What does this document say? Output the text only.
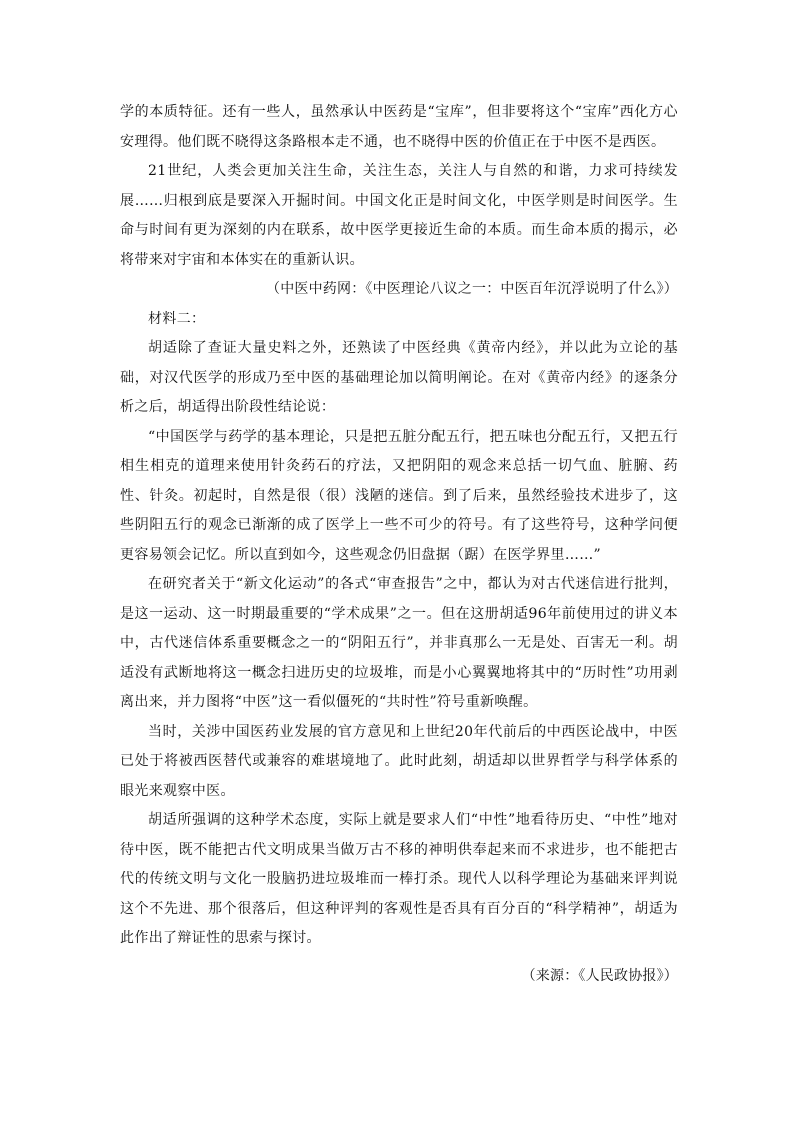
学的本质特征。还有一些人，虽然承认中医药是“宝库”，但非要将这个“宝库”西化方心安理得。他们既不晓得这条路根本走不通，也不晓得中医的价值正在于中医不是西医。

21世纪，人类会更加关注生命，关注生态，关注人与自然的和谐，力求可持续发展……归根到底是要深入开掘时间。中国文化正是时间文化，中医学则是时间医学。生命与时间有更为深刻的内在联系，故中医学更接近生命的本质。而生命本质的揭示，必将带来对宇宙和本体实在的重新认识。

（中医中药网：《中医理论八议之一：中医百年沉浮说明了什么》）

材料二：

胡适除了查证大量史料之外，还熟读了中医经典《黄帝内经》，并以此为立论的基础，对汉代医学的形成乃至中医的基础理论加以简明阐论。在对《黄帝内经》的逐条分析之后，胡适得出阶段性结论说：

“中国医学与药学的基本理论，只是把五脏分配五行，把五味也分配五行，又把五行相生相克的道理来使用针灸药石的疗法，又把阴阳的观念来总括一切气血、脏腑、药性、针灸。初起时，自然是很（很）浅陋的迷信。到了后来，虽然经验技术进步了，这些阴阳五行的观念已渐渐的成了医学上一些不可少的符号。有了这些符号，这种学问便更容易领会记忆。所以直到如今，这些观念仍旧盘据（踞）在医学界里……”

在研究者关于“新文化运动”的各式“审查报告”之中，都认为对古代迷信进行批判，是这一运动、这一时期最重要的“学术成果”之一。但在这册胡适96年前使用过的讲义本中，古代迷信体系重要概念之一的“阴阳五行”，并非真那么一无是处、百害无一利。胡适没有武断地将这一概念扫进历史的垃圾堆，而是小心翼翼地将其中的“历时性”功用剥离出来，并力图将“中医”这一看似僵死的“共时性”符号重新唤醒。

当时，关涉中国医药业发展的官方意见和上世纪20年代前后的中西医论战中，中医已处于将被西医替代或兼容的难堪境地了。此时此刻，胡适却以世界哲学与科学体系的眼光来观察中医。

胡适所强调的这种学术态度，实际上就是要求人们“中性”地看待历史、“中性”地对待中医，既不能把古代文明成果当做万古不移的神明供奉起来而不求进步，也不能把古代的传统文明与文化一股脑扔进垃圾堆而一棒打杀。现代人以科学理论为基础来评判说这个不先进、那个很落后，但这种评判的客观性是否具有百分百的“科学精神”，胡适为此作出了辩证性的思索与探讨。

（来源：《人民政协报》）
